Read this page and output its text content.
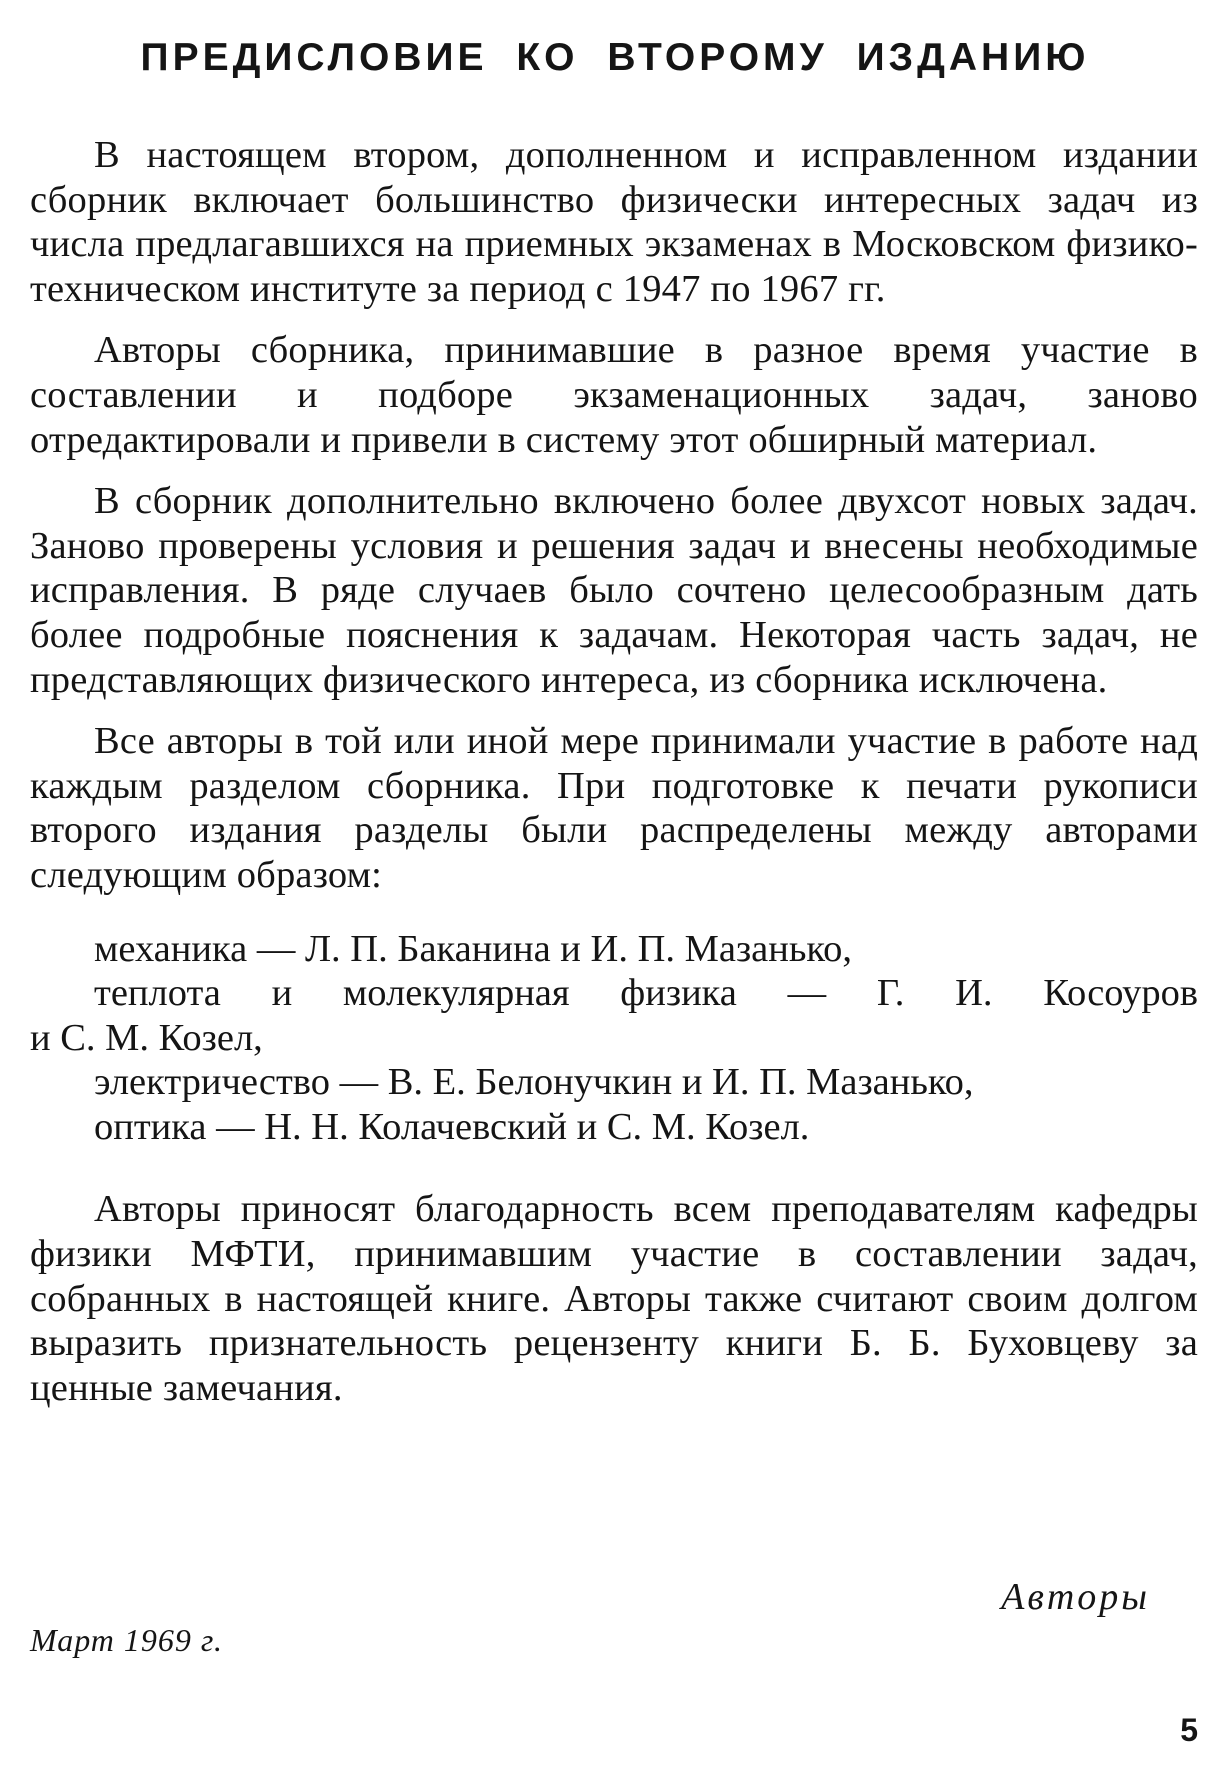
ПРЕДИСЛОВИЕ КО ВТОРОМУ ИЗДАНИЮ

В настоящем втором, дополненном и исправленном издании сборник включает большинство физически интересных задач из числа предлагавшихся на приемных экзаменах в Московском физико-техническом институте за период с 1947 по 1967 гг.

Авторы сборника, принимавшие в разное время участие в составлении и подборе экзаменационных задач, заново отредактировали и привели в систему этот обширный материал.

В сборник дополнительно включено более двухсот новых задач. Заново проверены условия и решения задач и внесены необходимые исправления. В ряде случаев было сочтено целесообразным дать более подробные пояснения к задачам. Некоторая часть задач, не представляющих физического интереса, из сборника исключена.

Все авторы в той или иной мере принимали участие в работе над каждым разделом сборника. При подготовке к печати рукописи второго издания разделы были распределены между авторами следующим образом:

механика — Л. П. Баканина и И. П. Мазанько,

теплота и молекулярная физика — Г. И. Косоуров

и С. М. Козел,

электричество — В. Е. Белонучкин и И. П. Мазанько,

оптика — Н. Н. Колачевский и С. М. Козел.

Авторы приносят благодарность всем преподавателям кафедры физики МФТИ, принимавшим участие в составлении задач, собранных в настоящей книге. Авторы также считают своим долгом выразить признательность рецензенту книги Б. Б. Буховцеву за ценные замечания.

Авторы

Март 1969 г.

5
